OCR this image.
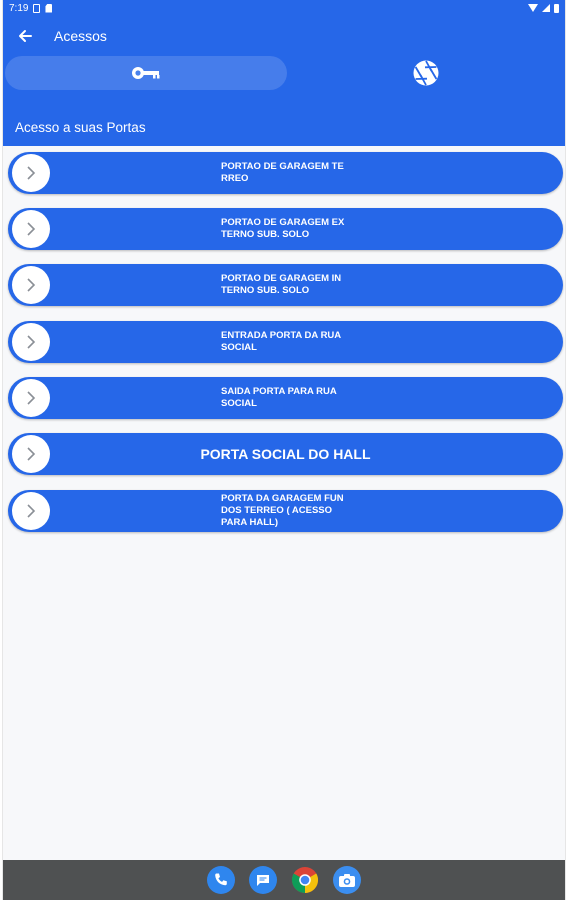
7:19
Acessos
Acesso a suas Portas
PORTAO DE GARAGEM TE
RREO
PORTAO DE GARAGEM EX
TERNO SUB. SOLO
PORTAO DE GARAGEM IN
TERNO SUB. SOLO
ENTRADA PORTA DA RUA
SOCIAL
SAIDA PORTA PARA RUA
SOCIAL
PORTA SOCIAL DO HALL
PORTA DA GARAGEM FUN
DOS TERREO ( ACESSO
PARA HALL)
